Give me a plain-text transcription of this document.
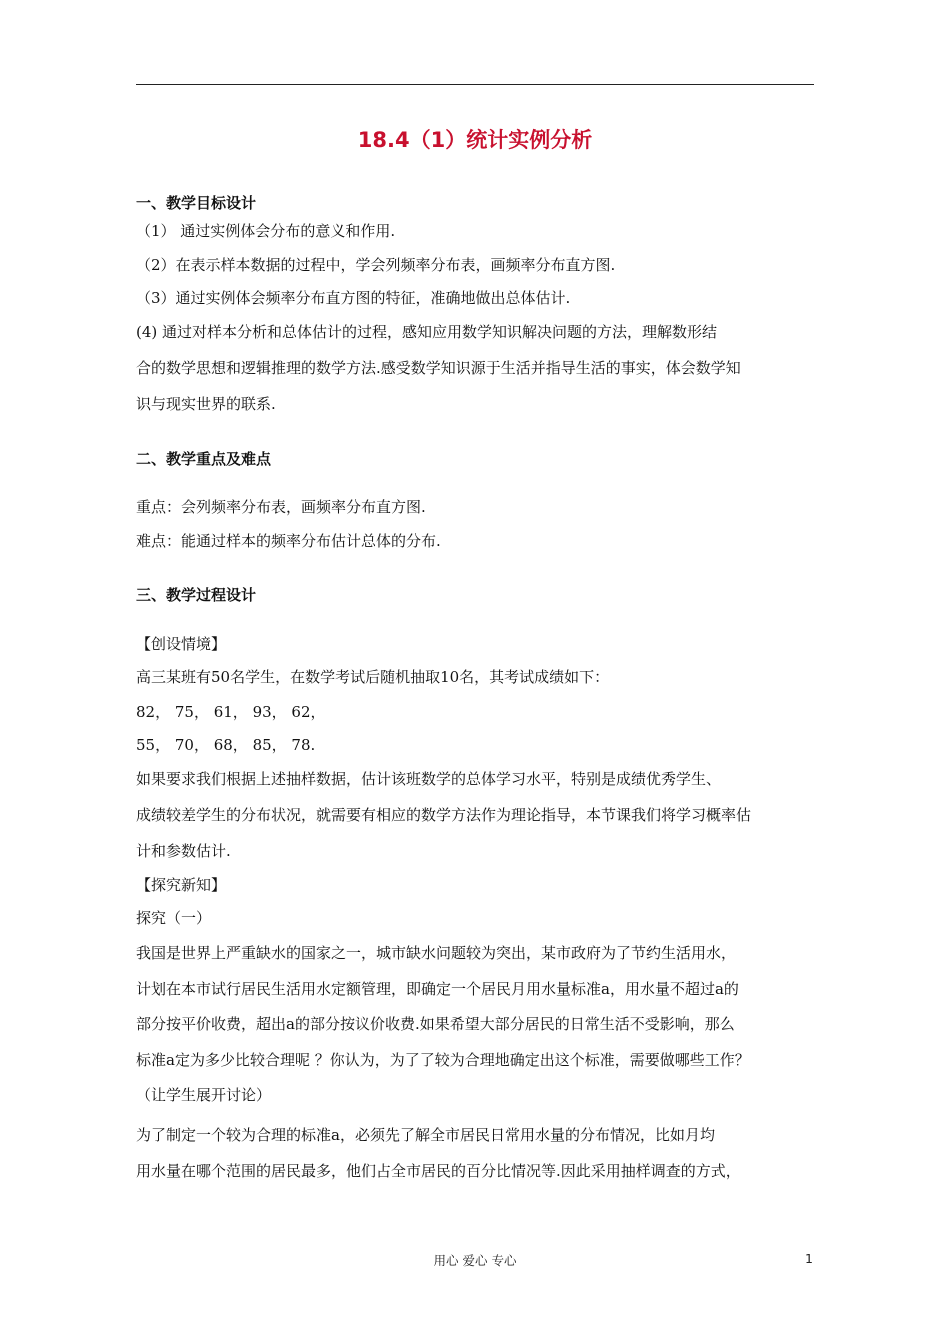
18.4（1）统计实例分析
一、教学目标设计
（1） 通过实例体会分布的意义和作用.
（2）在表示样本数据的过程中，学会列频率分布表，画频率分布直方图.
（3）通过实例体会频率分布直方图的特征，准确地做出总体估计.
(4) 通过对样本分析和总体估计的过程，感知应用数学知识解决问题的方法，理解数形结
合的数学思想和逻辑推理的数学方法.感受数学知识源于生活并指导生活的事实，体会数学知
识与现实世界的联系.
二、教学重点及难点
重点：会列频率分布表，画频率分布直方图.
难点：能通过样本的频率分布估计总体的分布.
三、教学过程设计
【创设情境】
高三某班有50名学生，在数学考试后随机抽取10名，其考试成绩如下：
82， 75， 61， 93， 62，
55， 70， 68， 85， 78.
如果要求我们根据上述抽样数据，估计该班数学的总体学习水平，特别是成绩优秀学生、
成绩较差学生的分布状况，就需要有相应的数学方法作为理论指导，本节课我们将学习概率估
计和参数估计.
【探究新知】
探究（一）
我国是世界上严重缺水的国家之一，城市缺水问题较为突出，某市政府为了节约生活用水，
计划在本市试行居民生活用水定额管理，即确定一个居民月用水量标准a，用水量不超过a的
部分按平价收费，超出a的部分按议价收费.如果希望大部分居民的日常生活不受影响，那么
标准a定为多少比较合理呢 ？你认为，为了了较为合理地确定出这个标准，需要做哪些工作？
（让学生展开讨论）
为了制定一个较为合理的标准a，必须先了解全市居民日常用水量的分布情况，比如月均
用水量在哪个范围的居民最多，他们占全市居民的百分比情况等.因此采用抽样调查的方式，
用心 爱心 专心	1
